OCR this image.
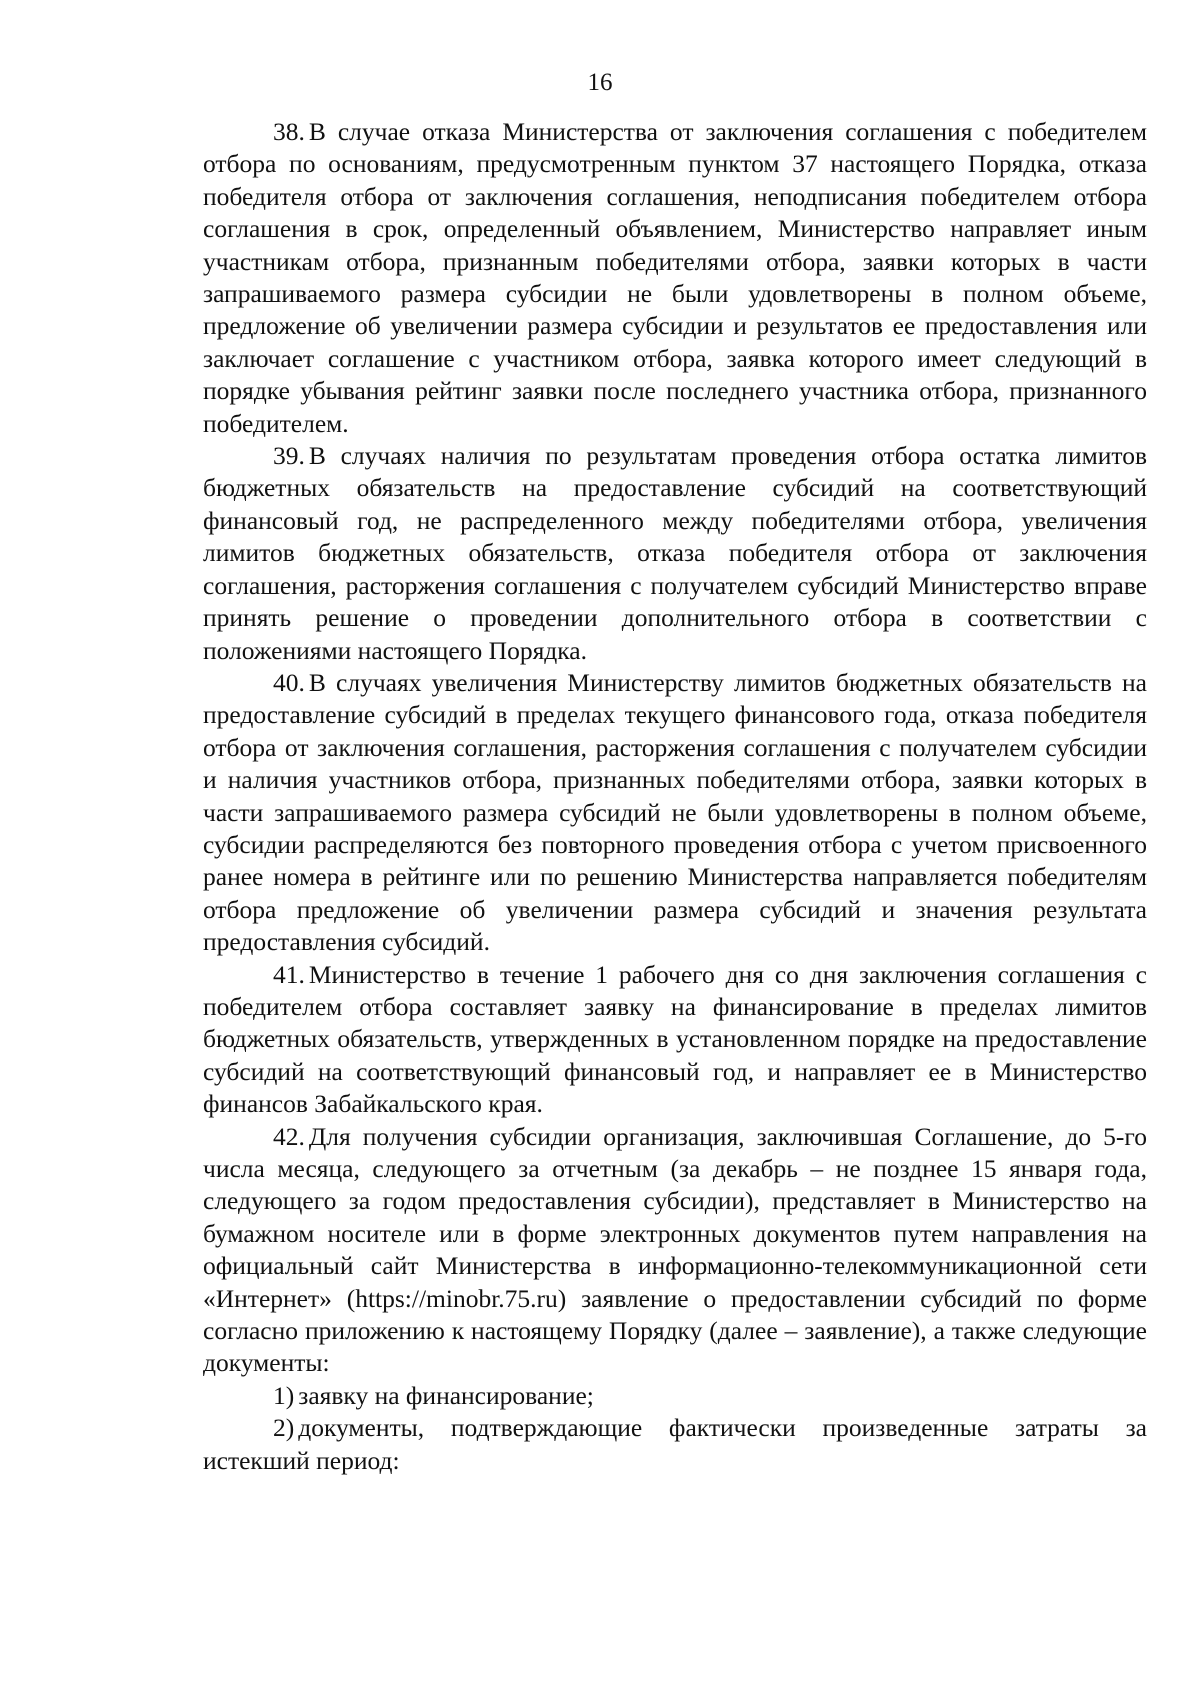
16

38. В случае отказа Министерства от заключения соглашения с победителем отбора по основаниям, предусмотренным пунктом 37 настоящего Порядка, отказа победителя отбора от заключения соглашения, неподписания победителем отбора соглашения в срок, определенный объявлением, Министерство направляет иным участникам отбора, признанным победителями отбора, заявки которых в части запрашиваемого размера субсидии не были удовлетворены в полном объеме, предложение об увеличении размера субсидии и результатов ее предоставления или заключает соглашение с участником отбора, заявка которого имеет следующий в порядке убывания рейтинг заявки после последнего участника отбора, признанного победителем.

39. В случаях наличия по результатам проведения отбора остатка лимитов бюджетных обязательств на предоставление субсидий на соответствующий финансовый год, не распределенного между победителями отбора, увеличения лимитов бюджетных обязательств, отказа победителя отбора от заключения соглашения, расторжения соглашения с получателем субсидий Министерство вправе принять решение о проведении дополнительного отбора в соответствии с положениями настоящего Порядка.

40. В случаях увеличения Министерству лимитов бюджетных обязательств на предоставление субсидий в пределах текущего финансового года, отказа победителя отбора от заключения соглашения, расторжения соглашения с получателем субсидии и наличия участников отбора, признанных победителями отбора, заявки которых в части запрашиваемого размера субсидий не были удовлетворены в полном объеме, субсидии распределяются без повторного проведения отбора с учетом присвоенного ранее номера в рейтинге или по решению Министерства направляется победителям отбора предложение об увеличении размера субсидий и значения результата предоставления субсидий.

41. Министерство в течение 1 рабочего дня со дня заключения соглашения с победителем отбора составляет заявку на финансирование в пределах лимитов бюджетных обязательств, утвержденных в установленном порядке на предоставление субсидий на соответствующий финансовый год, и направляет ее в Министерство финансов Забайкальского края.

42. Для получения субсидии организация, заключившая Соглашение, до 5-го числа месяца, следующего за отчетным (за декабрь – не позднее 15 января года, следующего за годом предоставления субсидии), представляет в Министерство на бумажном носителе или в форме электронных документов путем направления на официальный сайт Министерства в информационно-телекоммуникационной сети «Интернет» (https://minobr.75.ru) заявление о предоставлении субсидий по форме согласно приложению к настоящему Порядку (далее – заявление), а также следующие документы:

1) заявку на финансирование;

2) документы, подтверждающие фактически произведенные затраты за истекший период:
